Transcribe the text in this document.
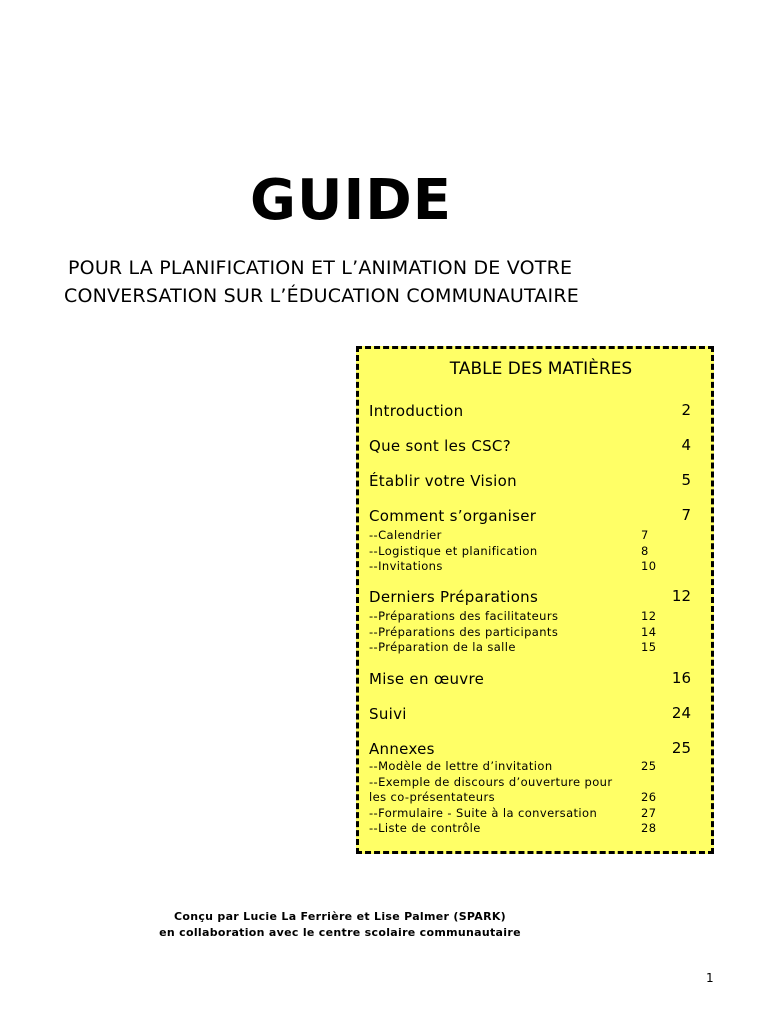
GUIDE
POUR LA PLANIFICATION ET L’ANIMATION DE VOTRE
CONVERSATION SUR L’ÉDUCATION COMMUNAUTAIRE
TABLE DES MATIÈRES
Introduction	2
Que sont les CSC?	4
Établir votre Vision	5
Comment s’organiser	7
--Calendrier	7
--Logistique et planification	8
--Invitations	10
Derniers Préparations	12
--Préparations des facilitateurs	12
--Préparations des participants	14
--Préparation de la salle	15
Mise en œuvre	16
Suivi	24
Annexes	25
--Modèle de lettre d’invitation	25
--Exemple de discours d’ouverture pour les co-présentateurs	26
--Formulaire - Suite à la conversation	27
--Liste de contrôle	28
Conçu par Lucie La Ferrière et Lise Palmer (SPARK)
en collaboration avec le centre scolaire communautaire
1
